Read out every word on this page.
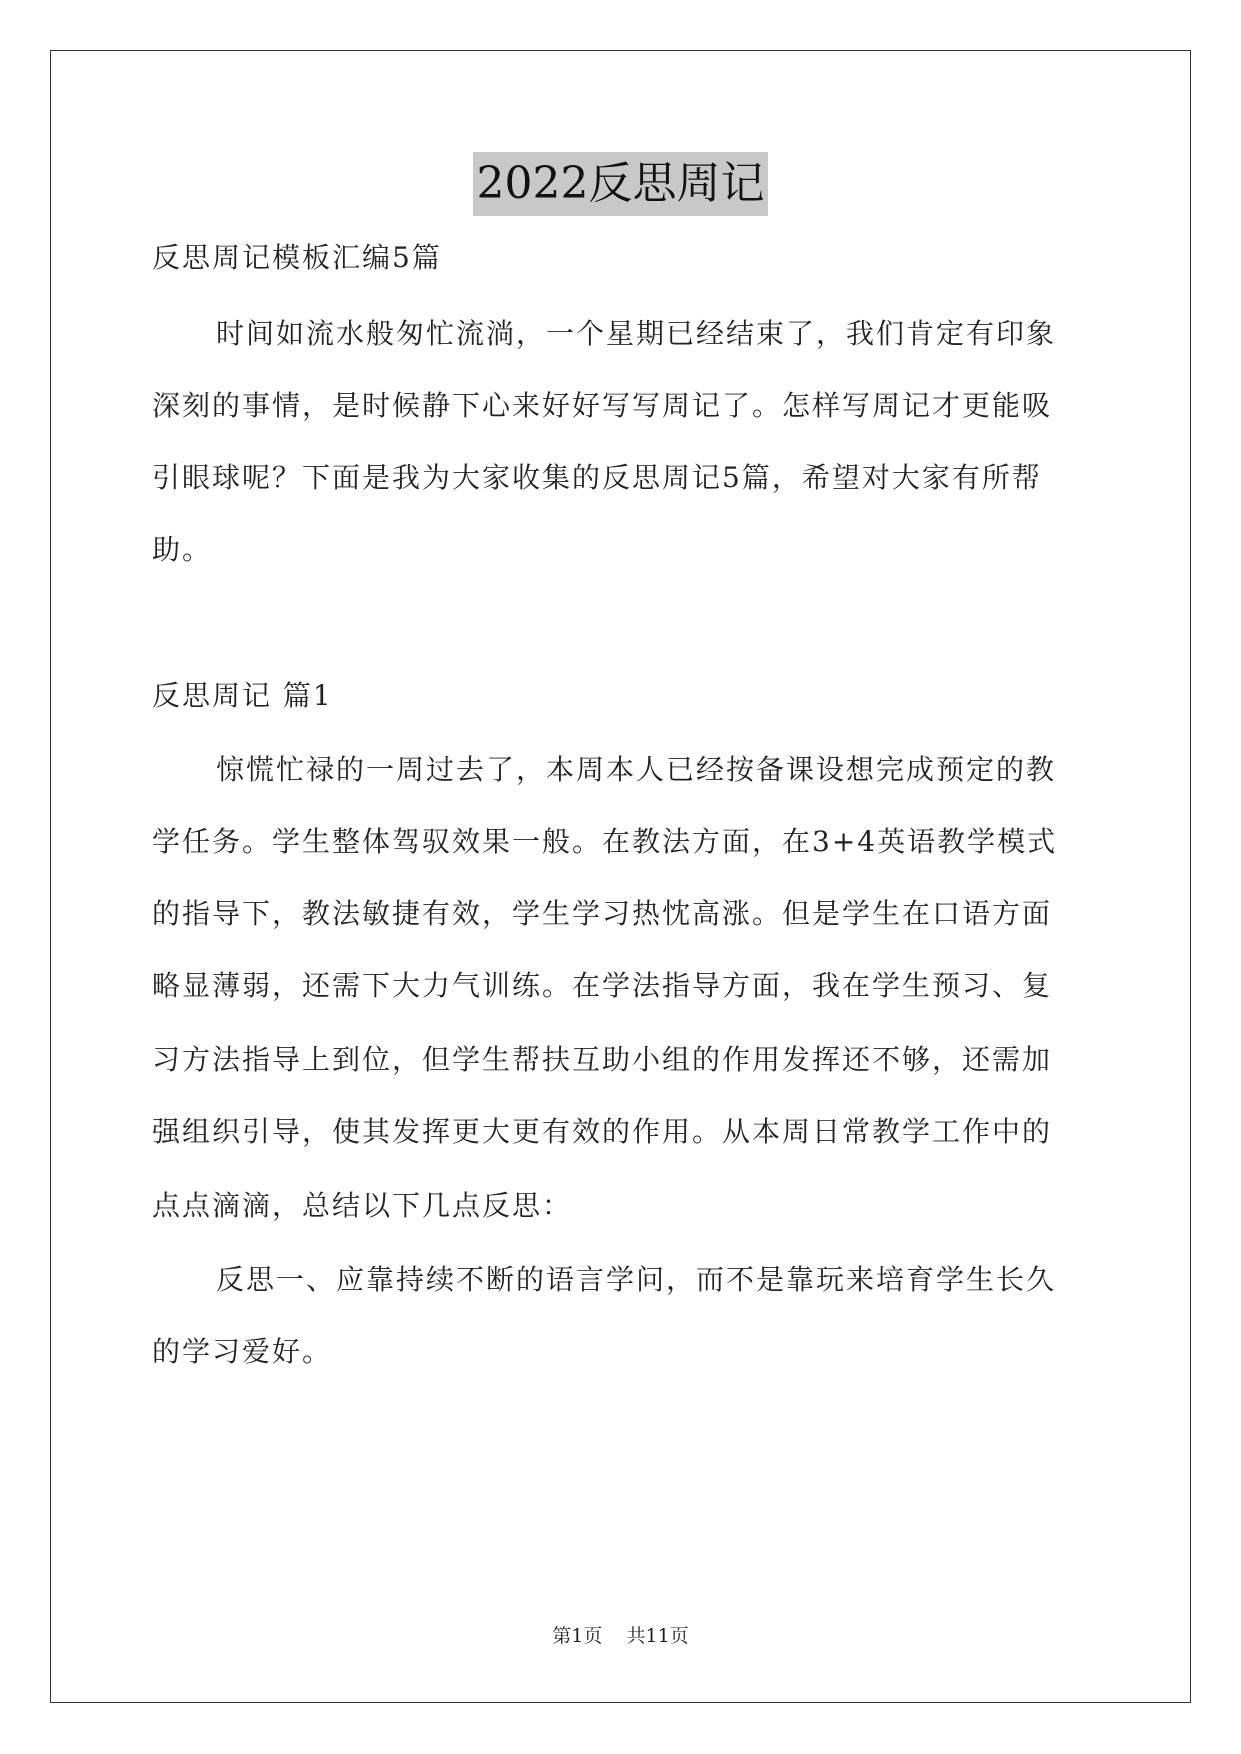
2022反思周记
反思周记模板汇编5篇
时间如流水般匆忙流淌，一个星期已经结束了，我们肯定有印象
深刻的事情，是时候静下心来好好写写周记了。怎样写周记才更能吸
引眼球呢？下面是我为大家收集的反思周记5篇，希望对大家有所帮
助。
反思周记 篇1
惊慌忙禄的一周过去了，本周本人已经按备课设想完成预定的教
学任务。学生整体驾驭效果一般。在教法方面，在3+4英语教学模式
的指导下，教法敏捷有效，学生学习热忱高涨。但是学生在口语方面
略显薄弱，还需下大力气训练。在学法指导方面，我在学生预习、复
习方法指导上到位，但学生帮扶互助小组的作用发挥还不够，还需加
强组织引导，使其发挥更大更有效的作用。从本周日常教学工作中的
点点滴滴，总结以下几点反思：
反思一、应靠持续不断的语言学问，而不是靠玩来培育学生长久
的学习爱好。
第1页 共11页
